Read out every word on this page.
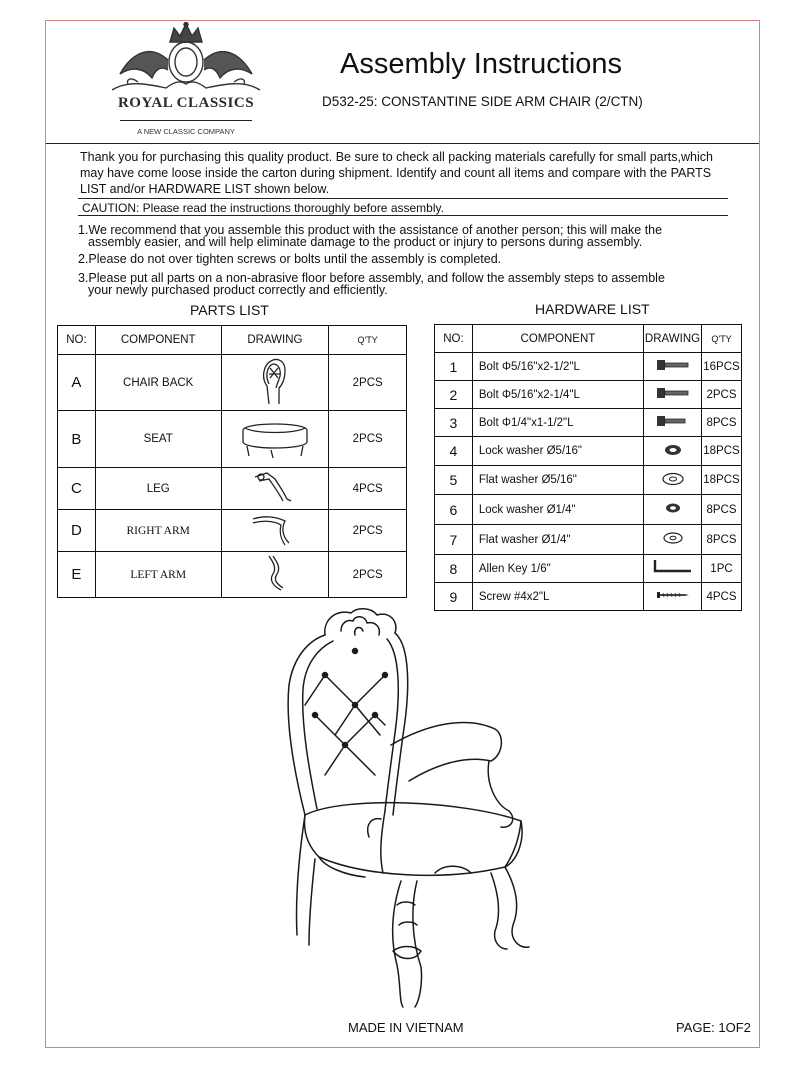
ROYAL CLASSICS
A NEW CLASSIC COMPANY
Assembly Instructions
D532-25: CONSTANTINE SIDE ARM CHAIR (2/CTN)
Thank you for purchasing this quality product. Be sure to check all packing materials carefully for small parts,which
may have come loose inside the carton during shipment. Identify and count all items and compare with the PARTS
LIST and/or HARDWARE LIST shown below.
CAUTION: Please read the instructions thoroughly before assembly.
1.We recommend that you assemble this product with the assistance of another person; this will make the
assembly easier, and will help eliminate damage to the product or injury to persons during assembly.
2.Please do not over tighten screws or bolts until the assembly is completed.
3.Please put all parts on a non-abrasive floor before assembly, and follow the assembly steps to assemble
your newly purchased product correctly and efficiently.
PARTS LIST
NO:	COMPONENT	DRAWING	Q'TY
A	CHAIR BACK		2PCS
B	SEAT		2PCS
C	LEG		4PCS
D	RIGHT ARM		2PCS
E	LEFT ARM		2PCS
HARDWARE LIST
NO:	COMPONENT	DRAWING	Q'TY
1	Bolt Φ5/16"x2-1/2"L		16PCS
2	Bolt Φ5/16"x2-1/4"L		2PCS
3	Bolt Φ1/4"x1-1/2"L		8PCS
4	Lock washer Ø5/16"		18PCS
5	Flat washer Ø5/16"		18PCS
6	Lock washer Ø1/4"		8PCS
7	Flat washer Ø1/4"		8PCS
8	Allen Key 1/6"		1PC
9	Screw #4x2"L		4PCS
MADE IN VIETNAM	PAGE: 1OF2
